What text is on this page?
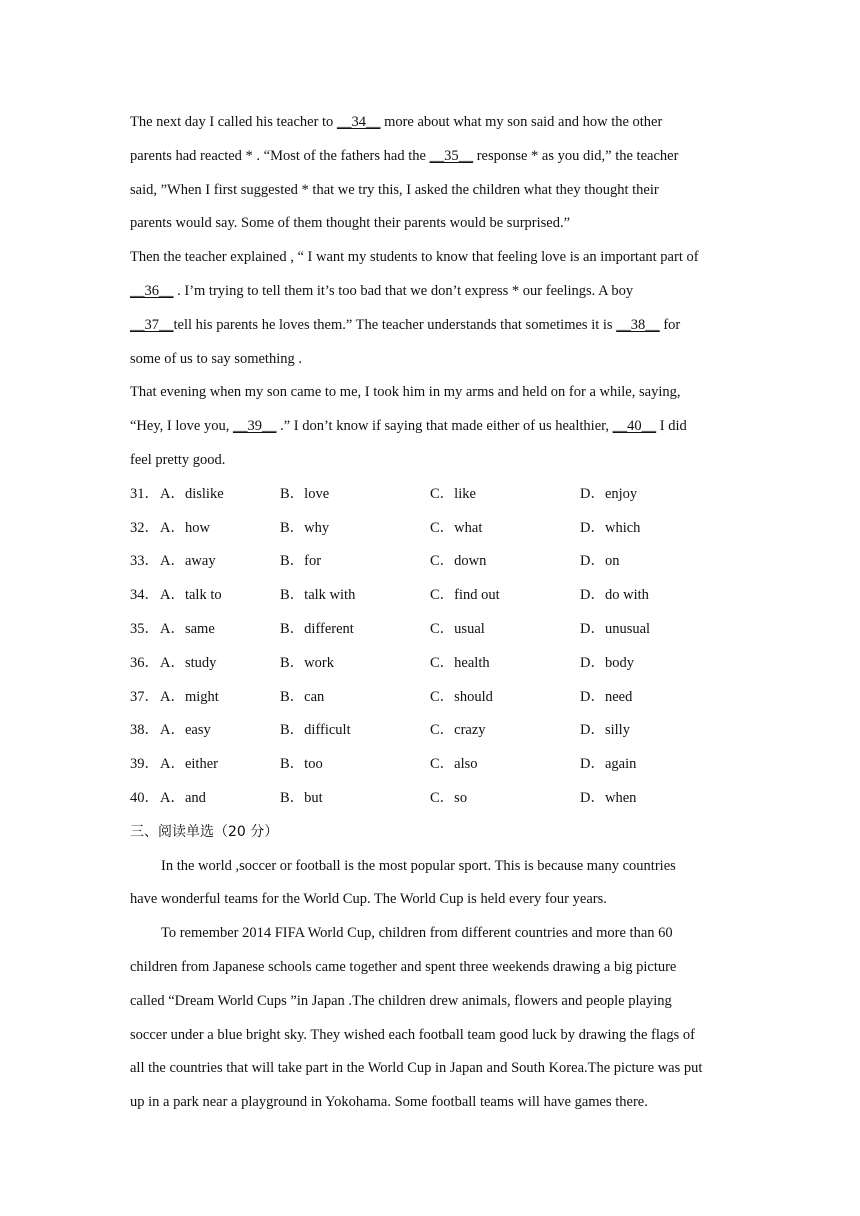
The next day I called his teacher to __34__ more about what my son said and how the other
parents had reacted * . “Most of the fathers had the __35__ response * as you did,” the teacher
said, ”When I first suggested * that we try this, I asked the children what they thought their
parents would say. Some of them thought their parents would be surprised.”
Then the teacher explained , “ I want my students to know that feeling love is an important part of
__36__ . I’m trying to tell them it’s too bad that we don’t express * our feelings. A boy
__37__tell his parents he loves them.” The teacher understands that sometimes it is __38__ for
some of us to say something .
That evening when my son came to me, I took him in my arms and held on for a while, saying,
“Hey, I love you, __39__ .” I don’t know if saying that made either of us healthier, __40__ I did
feel pretty good.
31． A．dislike	B．love	C．like	D．enjoy
32． A．how	B．why	C．what	D．which
33． A．away	B．for	C．down	D．on
34． A．talk to	B．talk with	C．find out	D．do with
35． A．same	B．different	C．usual	D．unusual
36． A．study	B．work	C．health	D．body
37． A．might	B．can	C．should	D．need
38． A．easy	B．difficult	C．crazy	D．silly
39． A．either	B．too	C．also	D．again
40． A．and	B．but	C．so	D．when
三、阅读单选（20 分）
In the world ,soccer or football is the most popular sport. This is because many countries
have wonderful teams for the World Cup. The World Cup is held every four years.
To remember 2014 FIFA World Cup, children from different countries and more than 60
children from Japanese schools came together and spent three weekends drawing a big picture
called “Dream World Cups ”in Japan .The children drew animals, flowers and people playing
soccer under a blue bright sky. They wished each football team good luck by drawing the flags of
all the countries that will take part in the World Cup in Japan and South Korea.The picture was put
up in a park near a playground in Yokohama. Some football teams will have games there.
